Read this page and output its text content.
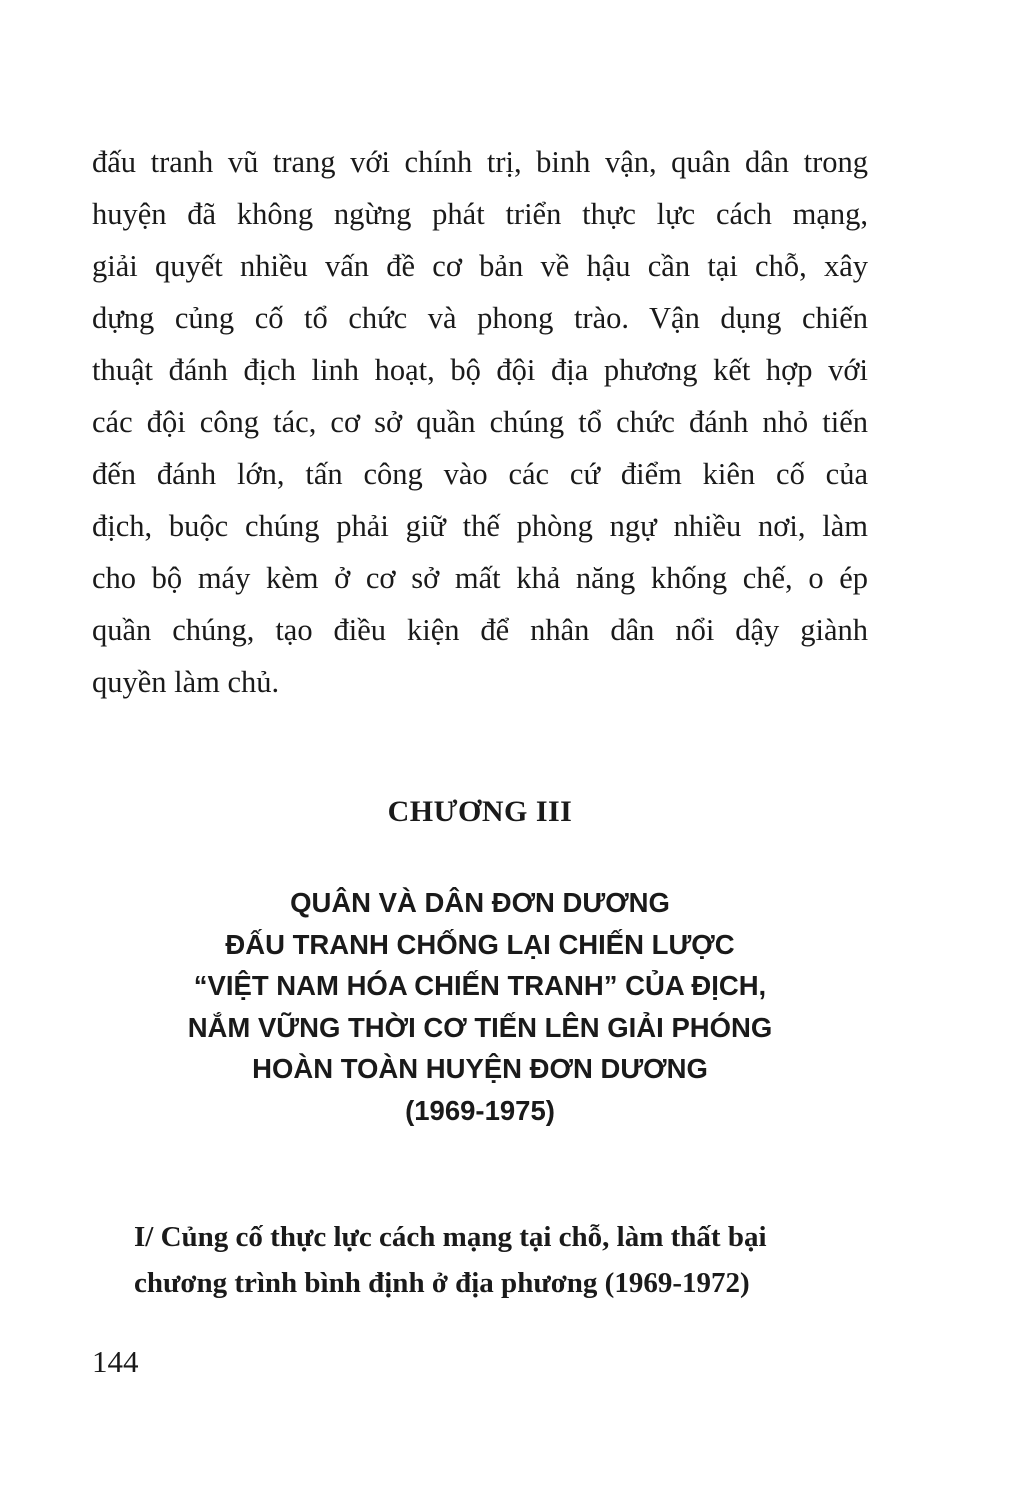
đấu tranh vũ trang với chính trị, binh vận, quân dân trong
huyện đã không ngừng phát triển thực lực cách mạng,
giải quyết nhiều vấn đề cơ bản về hậu cần tại chỗ, xây
dựng củng cố tổ chức và phong trào. Vận dụng chiến
thuật đánh địch linh hoạt, bộ đội địa phương kết hợp với
các đội công tác, cơ sở quần chúng tổ chức đánh nhỏ tiến
đến đánh lớn, tấn công vào các cứ điểm kiên cố của
địch, buộc chúng phải giữ thế phòng ngự nhiều nơi, làm
cho bộ máy kèm ở cơ sở mất khả năng khống chế, o ép
quần chúng, tạo điều kiện để nhân dân nổi dậy giành
quyền làm chủ.
CHƯƠNG III
QUÂN VÀ DÂN ĐƠN DƯƠNG
ĐẤU TRANH CHỐNG LẠI CHIẾN LƯỢC
“VIỆT NAM HÓA CHIẾN TRANH” CỦA ĐỊCH,
NẮM VỮNG THỜI CƠ TIẾN LÊN GIẢI PHÓNG
HOÀN TOÀN HUYỆN ĐƠN DƯƠNG
(1969-1975)
I/ Củng cố thực lực cách mạng tại chỗ, làm thất bại
chương trình bình định ở địa phương (1969-1972)
144
